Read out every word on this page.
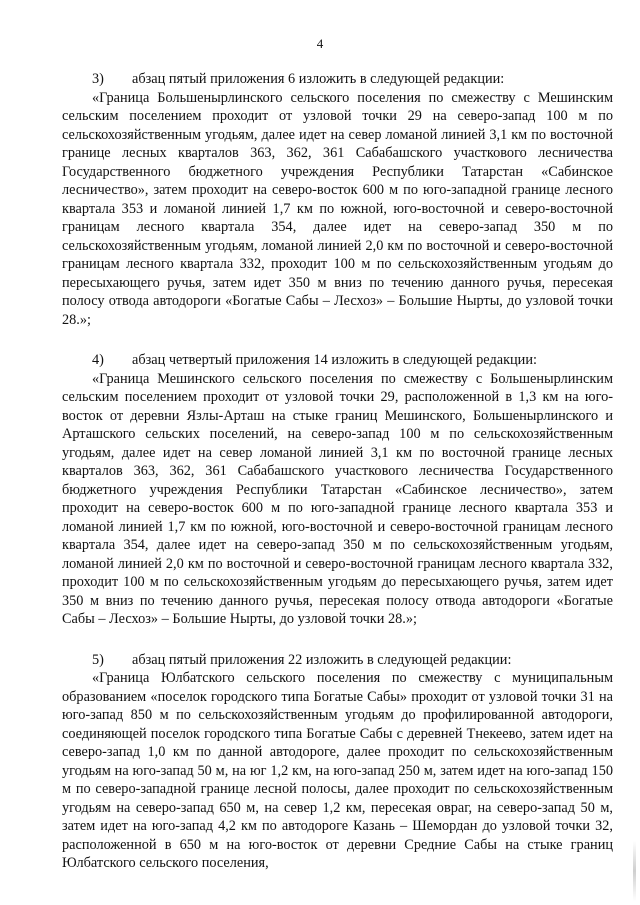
4

3) абзац пятый приложения 6 изложить в следующей редакции:

«Граница Большенырлинского сельского поселения по смежеству с Мешинским сельским поселением проходит от узловой точки 29 на северо-запад 100 м по сельскохозяйственным угодьям, далее идет на север ломаной линией 3,1 км по восточной границе лесных кварталов 363, 362, 361 Сабабашского участкового лесничества Государственного бюджетного учреждения Республики Татарстан «Сабинское лесничество», затем проходит на северо-восток 600 м по юго-западной границе лесного квартала 353 и ломаной линией 1,7 км по южной, юго-восточной и северо-восточной границам лесного квартала 354, далее идет на северо-запад 350 м по сельскохозяйственным угодьям, ломаной линией 2,0 км по восточной и северо-восточной границам лесного квартала 332, проходит 100 м по сельскохозяйственным угодьям до пересыхающего ручья, затем идет 350 м вниз по течению данного ручья, пересекая полосу отвода автодороги «Богатые Сабы – Лесхоз» – Большие Нырты, до узловой точки 28.»;

4) абзац четвертый приложения 14 изложить в следующей редакции:

«Граница Мешинского сельского поселения по смежеству с Большенырлинским сельским поселением проходит от узловой точки 29, расположенной в 1,3 км на юго-восток от деревни Язлы-Арташ на стыке границ Мешинского, Большенырлинского и Арташского сельских поселений, на северо-запад 100 м по сельскохозяйственным угодьям, далее идет на север ломаной линией 3,1 км по восточной границе лесных кварталов 363, 362, 361 Сабабашского участкового лесничества Государственного бюджетного учреждения Республики Татарстан «Сабинское лесничество», затем проходит на северо-восток 600 м по юго-западной границе лесного квартала 353 и ломаной линией 1,7 км по южной, юго-восточной и северо-восточной границам лесного квартала 354, далее идет на северо-запад 350 м по сельскохозяйственным угодьям, ломаной линией 2,0 км по восточной и северо-восточной границам лесного квартала 332, проходит 100 м по сельскохозяйственным угодьям до пересыхающего ручья, затем идет 350 м вниз по течению данного ручья, пересекая полосу отвода автодороги «Богатые Сабы – Лесхоз» – Большие Нырты, до узловой точки 28.»;

5) абзац пятый приложения 22 изложить в следующей редакции:

«Граница Юлбатского сельского поселения по смежеству с муниципальным образованием «поселок городского типа Богатые Сабы» проходит от узловой точки 31 на юго-запад 850 м по сельскохозяйственным угодьям до профилированной автодороги, соединяющей поселок городского типа Богатые Сабы с деревней Тнекеево, затем идет на северо-запад 1,0 км по данной автодороге, далее проходит по сельскохозяйственным угодьям на юго-запад 50 м, на юг 1,2 км, на юго-запад 250 м, затем идет на юго-запад 150 м по северо-западной границе лесной полосы, далее проходит по сельскохозяйственным угодьям на северо-запад 650 м, на север 1,2 км, пересекая овраг, на северо-запад 50 м, затем идет на юго-запад 4,2 км по автодороге Казань – Шемордан до узловой точки 32, расположенной в 650 м на юго-восток от деревни Средние Сабы на стыке границ Юлбатского сельского поселения,
